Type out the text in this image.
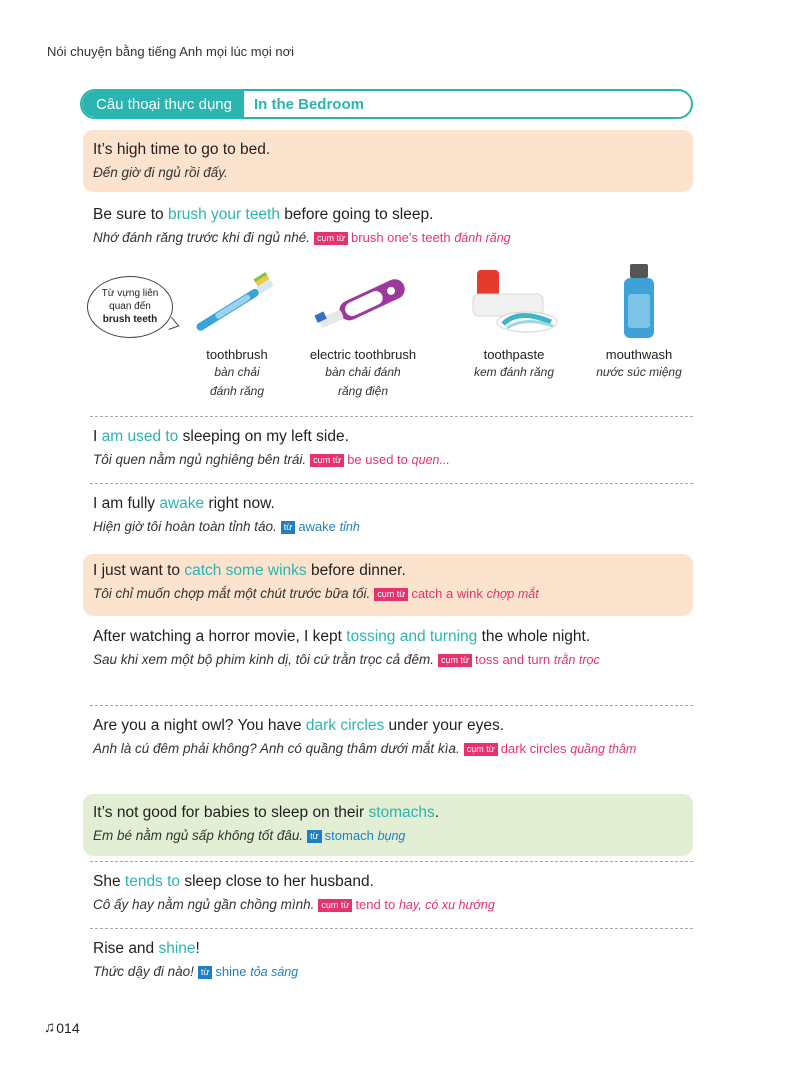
Nói chuyện bằng tiếng Anh mọi lúc mọi nơi
Câu thoại thực dụng	In the Bedroom
It’s high time to go to bed.
Đến giờ đi ngủ rồi đấy.
Be sure to brush your teeth before going to sleep.
Nhớ đánh răng trước khi đi ngủ nhé. cụm từ brush one’s teeth đánh răng
Từ vựng liên
quan đến
brush teeth
toothbrush
bàn chải
đánh răng
electric toothbrush
bàn chải đánh
răng điện
toothpaste
kem đánh răng
mouthwash
nước súc miệng
I am used to sleeping on my left side.
Tôi quen nằm ngủ nghiêng bên trái. cụm từ be used to quen...
I am fully awake right now.
Hiện giờ tôi hoàn toàn tỉnh táo. từ awake tỉnh
I just want to catch some winks before dinner.
Tôi chỉ muốn chợp mắt một chút trước bữa tối. cụm từ catch a wink chợp mắt
After watching a horror movie, I kept tossing and turning the whole night.
Sau khi xem một bộ phim kinh dị, tôi cứ trằn trọc cả đêm. cụm từ toss and turn trằn trọc
Are you a night owl? You have dark circles under your eyes.
Anh là cú đêm phải không? Anh có quầng thâm dưới mắt kìa. cụm từ dark circles quầng thâm
It’s not good for babies to sleep on their stomachs.
Em bé nằm ngủ sấp không tốt đâu. từ stomach bụng
She tends to sleep close to her husband.
Cô ấy hay nằm ngủ gần chồng mình. cụm từ tend to hay, có xu hướng
Rise and shine!
Thức dậy đi nào! từ shine tỏa sáng
♫ 014
